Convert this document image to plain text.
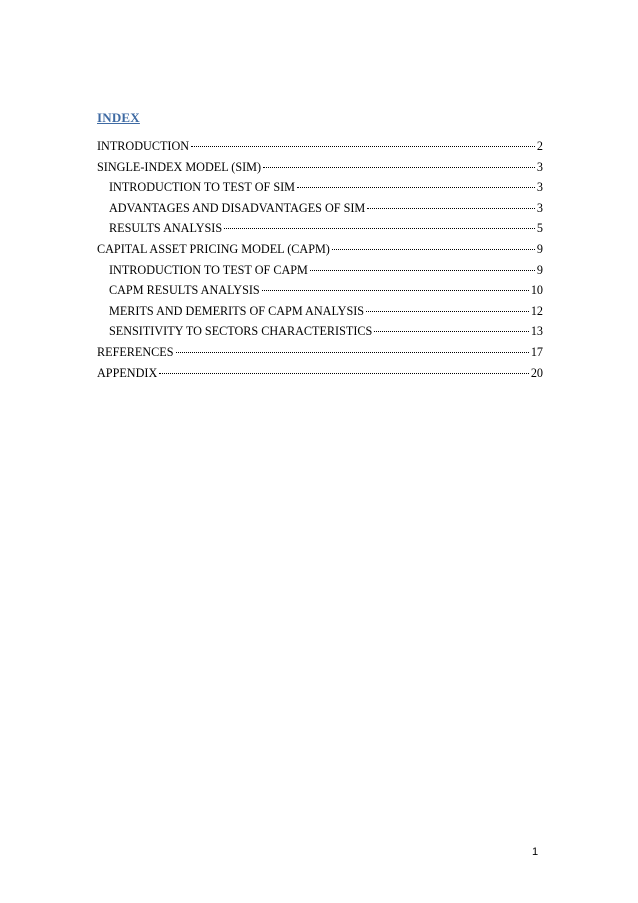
INDEX
INTRODUCTION	2
SINGLE-INDEX MODEL (SIM)	3
INTRODUCTION TO TEST OF SIM	3
ADVANTAGES AND DISADVANTAGES OF SIM	3
RESULTS ANALYSIS	5
CAPITAL ASSET PRICING MODEL (CAPM)	9
INTRODUCTION TO TEST OF CAPM	9
CAPM RESULTS ANALYSIS	10
MERITS AND DEMERITS OF CAPM ANALYSIS	12
SENSITIVITY TO SECTORS CHARACTERISTICS	13
REFERENCES	17
APPENDIX	20
1
